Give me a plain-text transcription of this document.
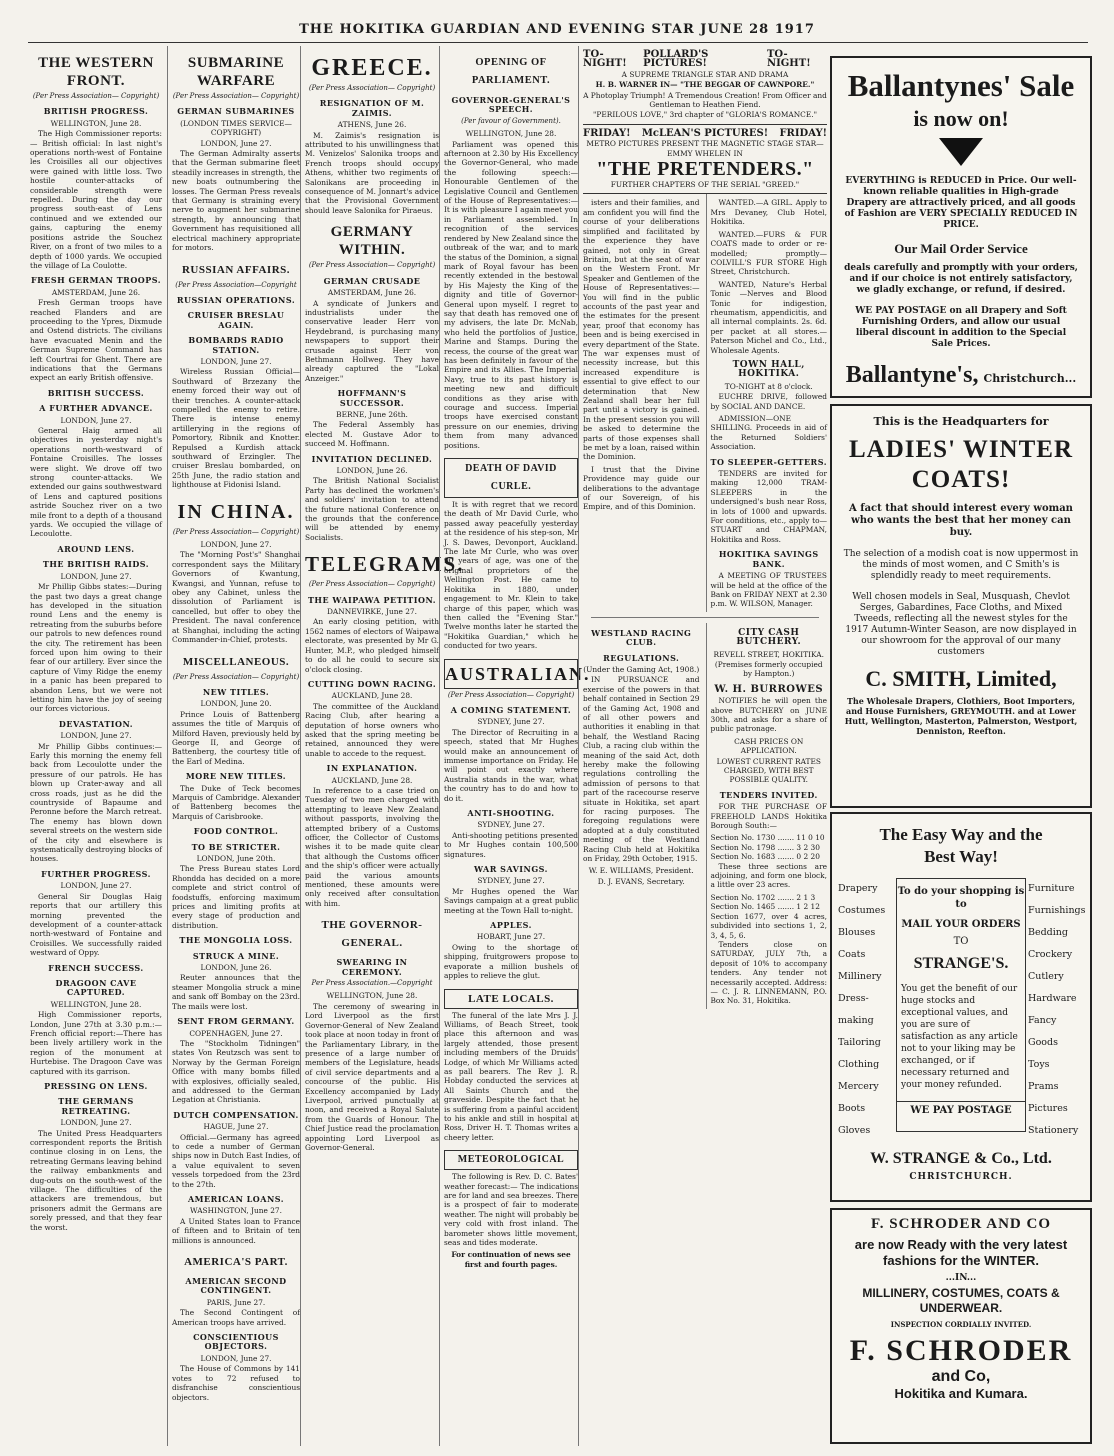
THE HOKITIKA GUARDIAN AND EVENING STAR JUNE 28 1917
THE WESTERN FRONT.
(Per Press Association— Copyright)
BRITISH PROGRESS.
WELLINGTON, June 28.

The High Commissioner reports:— British official: In last night's operations north-west of Fontaine les Croisilles all our objectives were gained with little loss. Two hostile counter-attacks of considerable strength were repelled. During the day our progress south-east of Lens continued and we extended our gains, capturing the enemy positions astride the Souchez River, on a front of two miles to a depth of 1000 yards. We occupied the village of La Coulotte.

FRESH GERMAN TROOPS.
AMSTERDAM, June 26.

Fresh German troops have reached Flanders and are proceeding to the Ypres, Dixmude and Ostend districts. The civilians have evacuated Menin and the German Supreme Command has left Courtrai for Ghent. There are indications that the Germans expect an early British offensive.

BRITISH SUCCESS.
A FURTHER ADVANCE.
LONDON, June 27.

General Haig armed all objectives in yesterday night's operations north-westward of Fontaine Croisilles. The losses were slight. We drove off two strong counter-attacks. We extended our gains southwestward of Lens and captured positions astride Souchez river on a two mile front to a depth of a thousand yards. We occupied the village of Lecoulotte.

AROUND LENS.
THE BRITISH RAIDS.
LONDON, June 27.

Mr Phillip Gibbs states:—During the past two days a great change has developed in the situation round Lens and the enemy is retreating from the suburbs before our patrols to new defences round the city. The retirement has been forced upon him owing to their fear of our artillery. Ever since the capture of Vimy Ridge the enemy in a panic has been prepared to abandon Lens, but we were not letting him have the joy of seeing our forces victorious.

DEVASTATION.
LONDON, June 27.

Mr Phillip Gibbs continues:—Early this morning the enemy fell back from Lecoulotte under the pressure of our patrols. He has blown up Crater-away and all cross roads, just as he did the countryside of Bapaume and Peronne before the March retreat. The enemy has blown down several streets on the western side of the city and elsewhere is systematically destroying blocks of houses.

FURTHER PROGRESS.
LONDON, June 27.

General Sir Douglas Haig reports that our artillery this morning prevented the development of a counter-attack north-westward of Fontaine and Croisilles. We successfully raided westward of Oppy.

FRENCH SUCCESS.
DRAGOON CAVE CAPTURED.
WELLINGTON, June 28.

High Commissioner reports, London, June 27th at 3.30 p.m.:— French official report:—There has been lively artillery work in the region of the monument at Hurtebise. The Dragoon Cave was captured with its garrison.

PRESSING ON LENS.
THE GERMANS RETREATING.
LONDON, June 27.

The United Press Headquarters correspondent reports the British continue closing in on Lens, the retreating Germans leaving behind the railway embankments and dug-outs on the south-west of the village. The difficulties of the attackers are tremendous, but prisoners admit the Germans are sorely pressed, and that they fear the worst.

SUBMARINE WARFARE
(Per Press Association— Copyright)
GERMAN SUBMARINES
(LONDON TIMES SERVICE—COPYRIGHT)
LONDON, June 27.

The German Admiralty asserts that the German submarine fleet steadily increases in strength, the new boats outnumbering the losses. The German Press reveals that Germany is straining every nerve to augment her submarine strength, by announcing that Government has requisitioned all electrical machinery appropriate for motors.

RUSSIAN AFFAIRS.
(Per Press Association—Copyright
RUSSIAN OPERATIONS.
CRUISER BRESLAU AGAIN.
BOMBARDS RADIO STATION.
LONDON, June 27.

Wireless Russian Official—Southward of Brzezany the enemy forced their way out of their trenches. A counter-attack compelled the enemy to retire. There is intense enemy artillerying in the regions of Pomortory, Ribnik and Knotter. Repulsed a Kurdish attack southward of Erzingler. The cruiser Breslau bombarded, on 25th June, the radio station and lighthouse at Fidonisi Island.

IN CHINA.
(Per Press Association— Copyright)
LONDON, June 27.

The "Morning Post's" Shanghai correspondent says the Military Governors of Kwantung, Kwangsi, and Yunnan, refuse to obey any Cabinet, unless the dissolution of Parliament is cancelled, but offer to obey the President. The naval conference at Shanghai, including the acting Commander-in-Chief, protests.

MISCELLANEOUS.
(Per Press Association— Copyright)
NEW TITLES.
LONDON, June 20.

Prince Louis of Battenberg assumes the title of Marquis of Milford Haven, previously held by George II, and George of Battenberg, the courtesy title of the Earl of Medina.

MORE NEW TITLES.

The Duke of Teck becomes Marquis of Cambridge. Alexander of Battenberg becomes the Marquis of Carisbrooke.

FOOD CONTROL.
TO BE STRICTER.
LONDON, June 20th.

The Press Bureau states Lord Rhondda has decided on a more complete and strict control of foodstuffs, enforcing maximum prices and limiting profits at every stage of production and distribution.

THE MONGOLIA LOSS.
STRUCK A MINE.
LONDON, June 26.

Reuter announces that the steamer Mongolia struck a mine and sank off Bombay on the 23rd. The mails were lost.

SENT FROM GERMANY.
COPENHAGEN, June 27.

The "Stockholm Tidningen" states Von Reutzsch was sent to Norway by the German Foreign Office with many bombs filled with explosives, officially sealed, and addressed to the German Legation at Christiania.

DUTCH COMPENSATION.
HAGUE, June 27.

Official.—Germany has agreed to cede a number of German ships now in Dutch East Indies, of a value equivalent to seven vessels torpedoed from the 23rd to the 27th.

AMERICAN LOANS.
WASHINGTON, June 27.

A United States loan to France of fifteen and to Britain of ten millions is announced.

AMERICA'S PART.
AMERICAN SECOND CONTINGENT.
PARIS, June 27.

The Second Contingent of American troops have arrived.

CONSCIENTIOUS OBJECTORS.
LONDON, June 27.

The House of Commons by 141 votes to 72 refused to disfranchise conscientious objectors.

GREECE.
(Per Press Association— Copyright)
RESIGNATION OF M. ZAIMIS.
ATHENS, June 26.

M. Zaimis's resignation is attributed to his unwillingness that M. Venizelos' Salonika troops and French troops should occupy Athens, whither two regiments of Salonikans are proceeding in consequence of M. Jonnart's advice that the Provisional Government should leave Salonika for Piraeus.

GERMANY WITHIN.
(Per Press Association— Copyright)
GERMAN CRUSADE
AMSTERDAM, June 26.

A syndicate of Junkers and industrialists under the conservative leader Herr von Heydebrand, is purchasing many newspapers to support their crusade against Herr von Bethmann Hollweg. They have already captured the "Lokal Anzeiger."

HOFFMANN'S SUCCESSOR.
BERNE, June 26th.

The Federal Assembly has elected M. Gustave Ador to succeed M. Hoffmann.

INVITATION DECLINED.
LONDON, June 26.

The British National Socialist Party has declined the workmen's and soldiers' invitation to attend the future national Conference on the grounds that the conference will be attended by enemy Socialists.

TELEGRAMS.
(Per Press Association— Copyright)
THE WAIPAWA PETITION.
DANNEVIRKE, June 27.

An early closing petition, with 1562 names of electors of Waipawa electorate, was presented by Mr G. Hunter, M.P., who pledged himself to do all he could to secure six o'clock closing.

CUTTING DOWN RACING.
AUCKLAND, June 28.

The committee of the Auckland Racing Club, after hearing a deputation of horse owners who asked that the spring meeting be retained, announced they were unable to accede to the request.

IN EXPLANATION.
AUCKLAND, June 28.

In reference to a case tried on Tuesday of two men charged with attempting to leave New Zealand without passports, involving the attempted bribery of a Customs officer, the Collector of Customs wishes it to be made quite clear that although the Customs officer and the ship's officer were actually paid the various amounts mentioned, these amounts were only received after consultation with him.

THE GOVERNOR-GENERAL.
SWEARING IN CEREMONY.
Per Press Association.—Copyright
WELLINGTON, June 28.

The ceremony of swearing in Lord Liverpool as the first Governor-General of New Zealand took place at noon today in front of the Parliamentary Library, in the presence of a large number of members of the Legislature, heads of civil service departments and a concourse of the public. His Excellency accompanied by Lady Liverpool, arrived punctually at noon, and received a Royal Salute from the Guards of Honour. The Chief Justice read the proclamation appointing Lord Liverpool as Governor-General.

OPENING OF PARLIAMENT.
GOVERNOR-GENERAL'S SPEECH.
(Per favour of Government).
WELLINGTON, June 28.

Parliament was opened this afternoon at 2.30 by His Excellency the Governor-General, who made the following speech:— Honourable Gentlemen of the Legislative Council and Gentlemen of the House of Representatives:— It is with pleasure I again meet you in Parliament assembled. In recognition of the services rendered by New Zealand since the outbreak of the war, and to mark the status of the Dominion, a signal mark of Royal favour has been recently extended in the bestowal by His Majesty the King of the dignity and title of Governor-General upon myself. I regret to say that death has removed one of my advisers, the late Dr. McNab, who held the portfolios of Justice, Marine and Stamps. During the recess, the course of the great war has been definitely in favour of the Empire and its Allies. The Imperial Navy, true to its past history is meeting new and difficult conditions as they arise with courage and success. Imperial troops have exercised constant pressure on our enemies, driving them from many advanced positions.

DEATH OF DAVID CURLE.

It is with regret that we record the death of Mr David Curle, who passed away peacefully yesterday at the residence of his step-son, Mr J. S. Dawes, Devonport, Auckland. The late Mr Curle, who was over 90 years of age, was one of the original proprietors of the Wellington Post. He came to Hokitika in 1880, under engagement to Mr. Klein to take charge of this paper, which was then called the "Evening Star." Twelve months later he started the "Hokitika Guardian," which he conducted for two years.

AUSTRALIAN.
(Per Press Association— Copyright)
A COMING STATEMENT.
SYDNEY, June 27.

The Director of Recruiting in a speech, stated that Mr Hughes would make an announcement of immense importance on Friday. He will point out exactly where Australia stands in the war, what the country has to do and how to do it.

ANTI-SHOOTING.
SYDNEY, June 27.

Anti-shooting petitions presented to Mr Hughes contain 100,500 signatures.

WAR SAVINGS.
SYDNEY, June 27.

Mr Hughes opened the War Savings campaign at a great public meeting at the Town Hall to-night.

APPLES.
HOBART, June 27.

Owing to the shortage of shipping, fruitgrowers propose to evaporate a million bushels of apples to relieve the glut.

LATE LOCALS.

The funeral of the late Mrs J. J. Williams, of Beach Street, took place this afternoon and was largely attended, those present including members of the Druids' Lodge, of which Mr Williams acted as pall bearers. The Rev J. R. Hobday conducted the services at All Saints Church and the graveside. Despite the fact that he is suffering from a painful accident to his ankle and still in hospital at Ross, Driver H. T. Thomas writes a cheery letter.

METEOROLOGICAL

The following is Rev. D. C. Bates' weather forecast:— The indications are for land and sea breezes. There is a prospect of fair to moderate weather. The night will probably be very cold with frost inland. The barometer shows little movement, seas and tides moderate.

For continuation of news see first and fourth pages.
TO-NIGHT!
POLLARD'S PICTURES!
TO-NIGHT!
A SUPREME TRIANGLE STAR AND DRAMA
H. B. WARNER IN— "THE BEGGAR OF CAWNPORE."
A Photoplay Triumph! A Tremendous Creation! From Officer and Gentleman to Heathen Fiend.
"PERILOUS LOVE," 3rd chapter of "GLORIA'S ROMANCE."
FRIDAY! McLEAN'S PICTURES! FRIDAY!
METRO PICTURES PRESENT THE MAGNETIC STAGE STAR—EMMY WHELEN IN
"THE PRETENDERS."
FURTHER CHAPTERS OF THE SERIAL "GREED."

isters and their families, and am confident you will find the course of your deliberations simplified and facilitated by the experience they have gained, not only in Great Britain, but at the seat of war on the Western Front. Mr Speaker and Gentlemen of the House of Representatives:— You will find in the public accounts of the past year and the estimates for the present year, proof that economy has been and is being exercised in every department of the State. The war expenses must of necessity increase, but this increased expenditure is essential to give effect to our determination that New Zealand shall bear her full part until a victory is gained. In the present session you will be asked to determine the parts of those expenses shall be met by a loan, raised within the Dominion.

I trust that the Divine Providence may guide our deliberations to the advantage of our Sovereign, of his Empire, and of this Dominion.

WANTED.—A GIRL. Apply to Mrs Devaney, Club Hotel, Hokitika.

WANTED.—FURS & FUR COATS made to order or re-modelled; promptly—COLVILL'S FUR STORE High Street, Christchurch.

WANTED, Nature's Herbal Tonic —Nerves and Blood Tonic for indigestion, rheumatism, appendicitis, and all internal complaints. 2s. 6d. per packet at all stores.—Paterson Michel and Co., Ltd., Wholesale Agents.

TOWN HALL, HOKITIKA.
TO-NIGHT at 8 o'clock.

EUCHRE DRIVE, followed by SOCIAL AND DANCE.

ADMISSION—ONE SHILLING. Proceeds in aid of the Returned Soldiers' Association.

TO SLEEPER-GETTERS.

TENDERS are invited for making 12,000 TRAM-SLEEPERS in the undersigned's bush near Ross, in lots of 1000 and upwards. For conditions, etc., apply to— STUART and CHAPMAN, Hokitika and Ross.

HOKITIKA SAVINGS BANK.

A MEETING OF TRUSTEES will be held at the office of the Bank on FRIDAY NEXT at 2.30 p.m. W. WILSON, Manager.

WESTLAND RACING CLUB.
REGULATIONS.
(Under the Gaming Act, 1908.)

IN PURSUANCE and exercise of the powers in that behalf contained in Section 29 of the Gaming Act, 1908 and of all other powers and authorities it enabling in that behalf, the Westland Racing Club, a racing club within the meaning of the said Act, doth hereby make the following regulations controlling the admission of persons to that part of the racecourse reserve situate in Hokitika, set apart for racing purposes. The foregoing regulations were adopted at a duly constituted meeting of the Westland Racing Club held at Hokitika on Friday, 29th October, 1915.

W. E. WILLIAMS, President.
D. J. EVANS, Secretary.
CITY CASH BUTCHERY.
REVELL STREET, HOKITIKA.
(Premises formerly occupied by Hampton.)
W. H. BURROWES

NOTIFIES he will open the above BUTCHERY on JUNE 30th, and asks for a share of public patronage.

CASH PRICES ON APPLICATION.
LOWEST CURRENT RATES CHARGED, WITH BEST POSSIBLE QUALITY.
TENDERS INVITED.

FOR THE PURCHASE OF FREEHOLD LANDS Hokitika Borough South:—

Section No. 1730 ....... 11 0 10
Section No. 1798 ....... 3 2 30
Section No. 1683 ....... 0 2 20

These three sections are adjoining, and form one block, a little over 23 acres.

Section No. 1702 ....... 2 1 3
Section No. 1465 ....... 1 2 12
Section 1677, over 4 acres, subdivided into sections 1, 2, 3, 4, 5, 6.

Tenders close on SATURDAY, JULY 7th, a deposit of 10% to accompany tenders. Any tender not necessarily accepted. Address:— C. J. R. LINNEMANN, P.O. Box No. 31, Hokitika.

Ballantynes' Sale
is now on!
EVERYTHING is REDUCED in Price. Our well-known reliable qualities in High-grade Drapery are attractively priced, and all goods of Fashion are VERY SPECIALLY REDUCED IN PRICE.
Our Mail Order Service
deals carefully and promptly with your orders, and if our choice is not entirely satisfactory, we gladly exchange, or refund, if desired.
WE PAY POSTAGE on all Drapery and Soft Furnishing Orders, and allow our usual liberal discount in addition to the Special Sale Prices.
Ballantyne's, Christchurch...
This is the Headquarters for
LADIES' WINTER COATS!
A fact that should interest every woman who wants the best that her money can buy.
The selection of a modish coat is now uppermost in the minds of most women, and C Smith's is splendidly ready to meet requirements.
Well chosen models in Seal, Musquash, Chevlot Serges, Gabardines, Face Cloths, and Mixed Tweeds, reflecting all the newest styles for the 1917 Autumn-Winter Season, are now displayed in our showroom for the approval of our many customers
C. SMITH, Limited,
The Wholesale Drapers, Clothiers, Boot Importers, and House Furnishers, GREYMOUTH. and at Lower Hutt, Wellington, Masterton, Palmerston, Westport, Denniston, Reefton.
The Easy Way and the Best Way!
Drapery
Costumes
Blouses
Coats
Millinery
Dress-making
Tailoring
Clothing
Mercery
Boots
Gloves
To do your shopping is to
MAIL YOUR ORDERS
TO
STRANGE'S.
You get the benefit of our huge stocks and exceptional values, and you are sure of satisfaction as any article not to your liking may be exchanged, or if necessary returned and your money refunded.
WE PAY POSTAGE
Furniture
Furnishings
Bedding
Crockery
Cutlery
Hardware
Fancy Goods
Toys
Prams
Pictures
Stationery
W. STRANGE & Co., Ltd.
CHRISTCHURCH.
F. SCHRODER AND CO
are now Ready with the very latest fashions for the WINTER.
...IN...
MILLINERY, COSTUMES, COATS & UNDERWEAR.
INSPECTION CORDIALLY INVITED.
F. SCHRODER
and Co,
Hokitika and Kumara.
